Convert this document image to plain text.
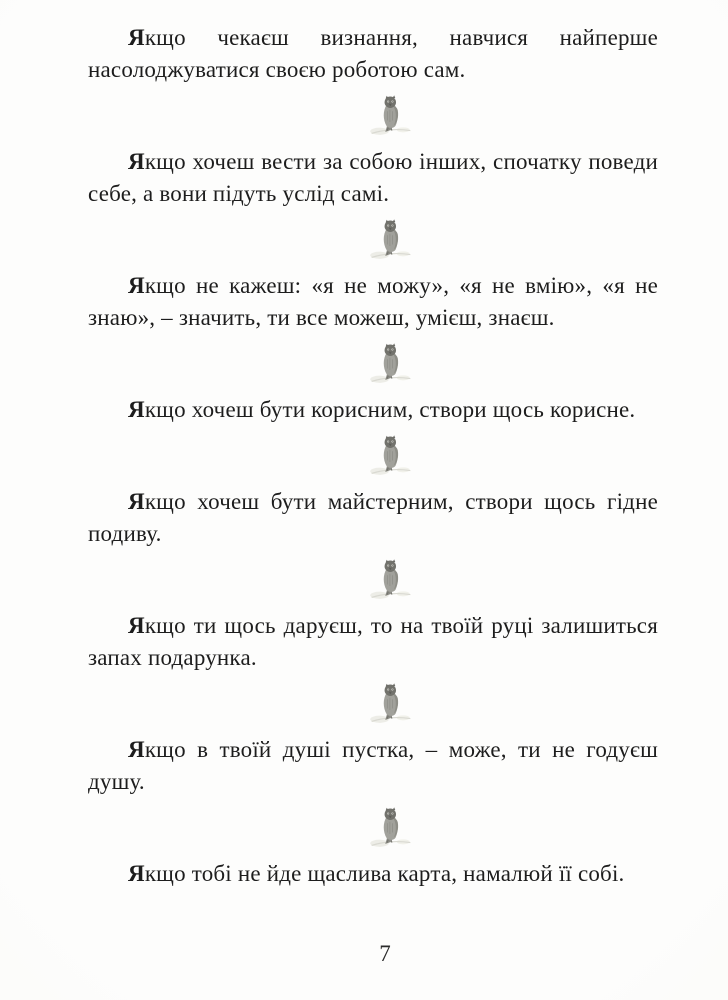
Якщо чекаєш визнання, навчися найперше насолоджуватися своєю роботою сам.

Якщо хочеш вести за собою інших, спочатку поведи себе, а вони підуть услід самі.

Якщо не кажеш: «я не можу», «я не вмію», «я не знаю», – значить, ти все можеш, умієш, знаєш.

Якщо хочеш бути корисним, створи щось корисне.

Якщо хочеш бути майстерним, створи щось гідне подиву.

Якщо ти щось даруєш, то на твоїй руці залишиться запах подарунка.

Якщо в твоїй душі пустка, – може, ти не годуєш душу.

Якщо тобі не йде щаслива карта, намалюй її собі.

7
